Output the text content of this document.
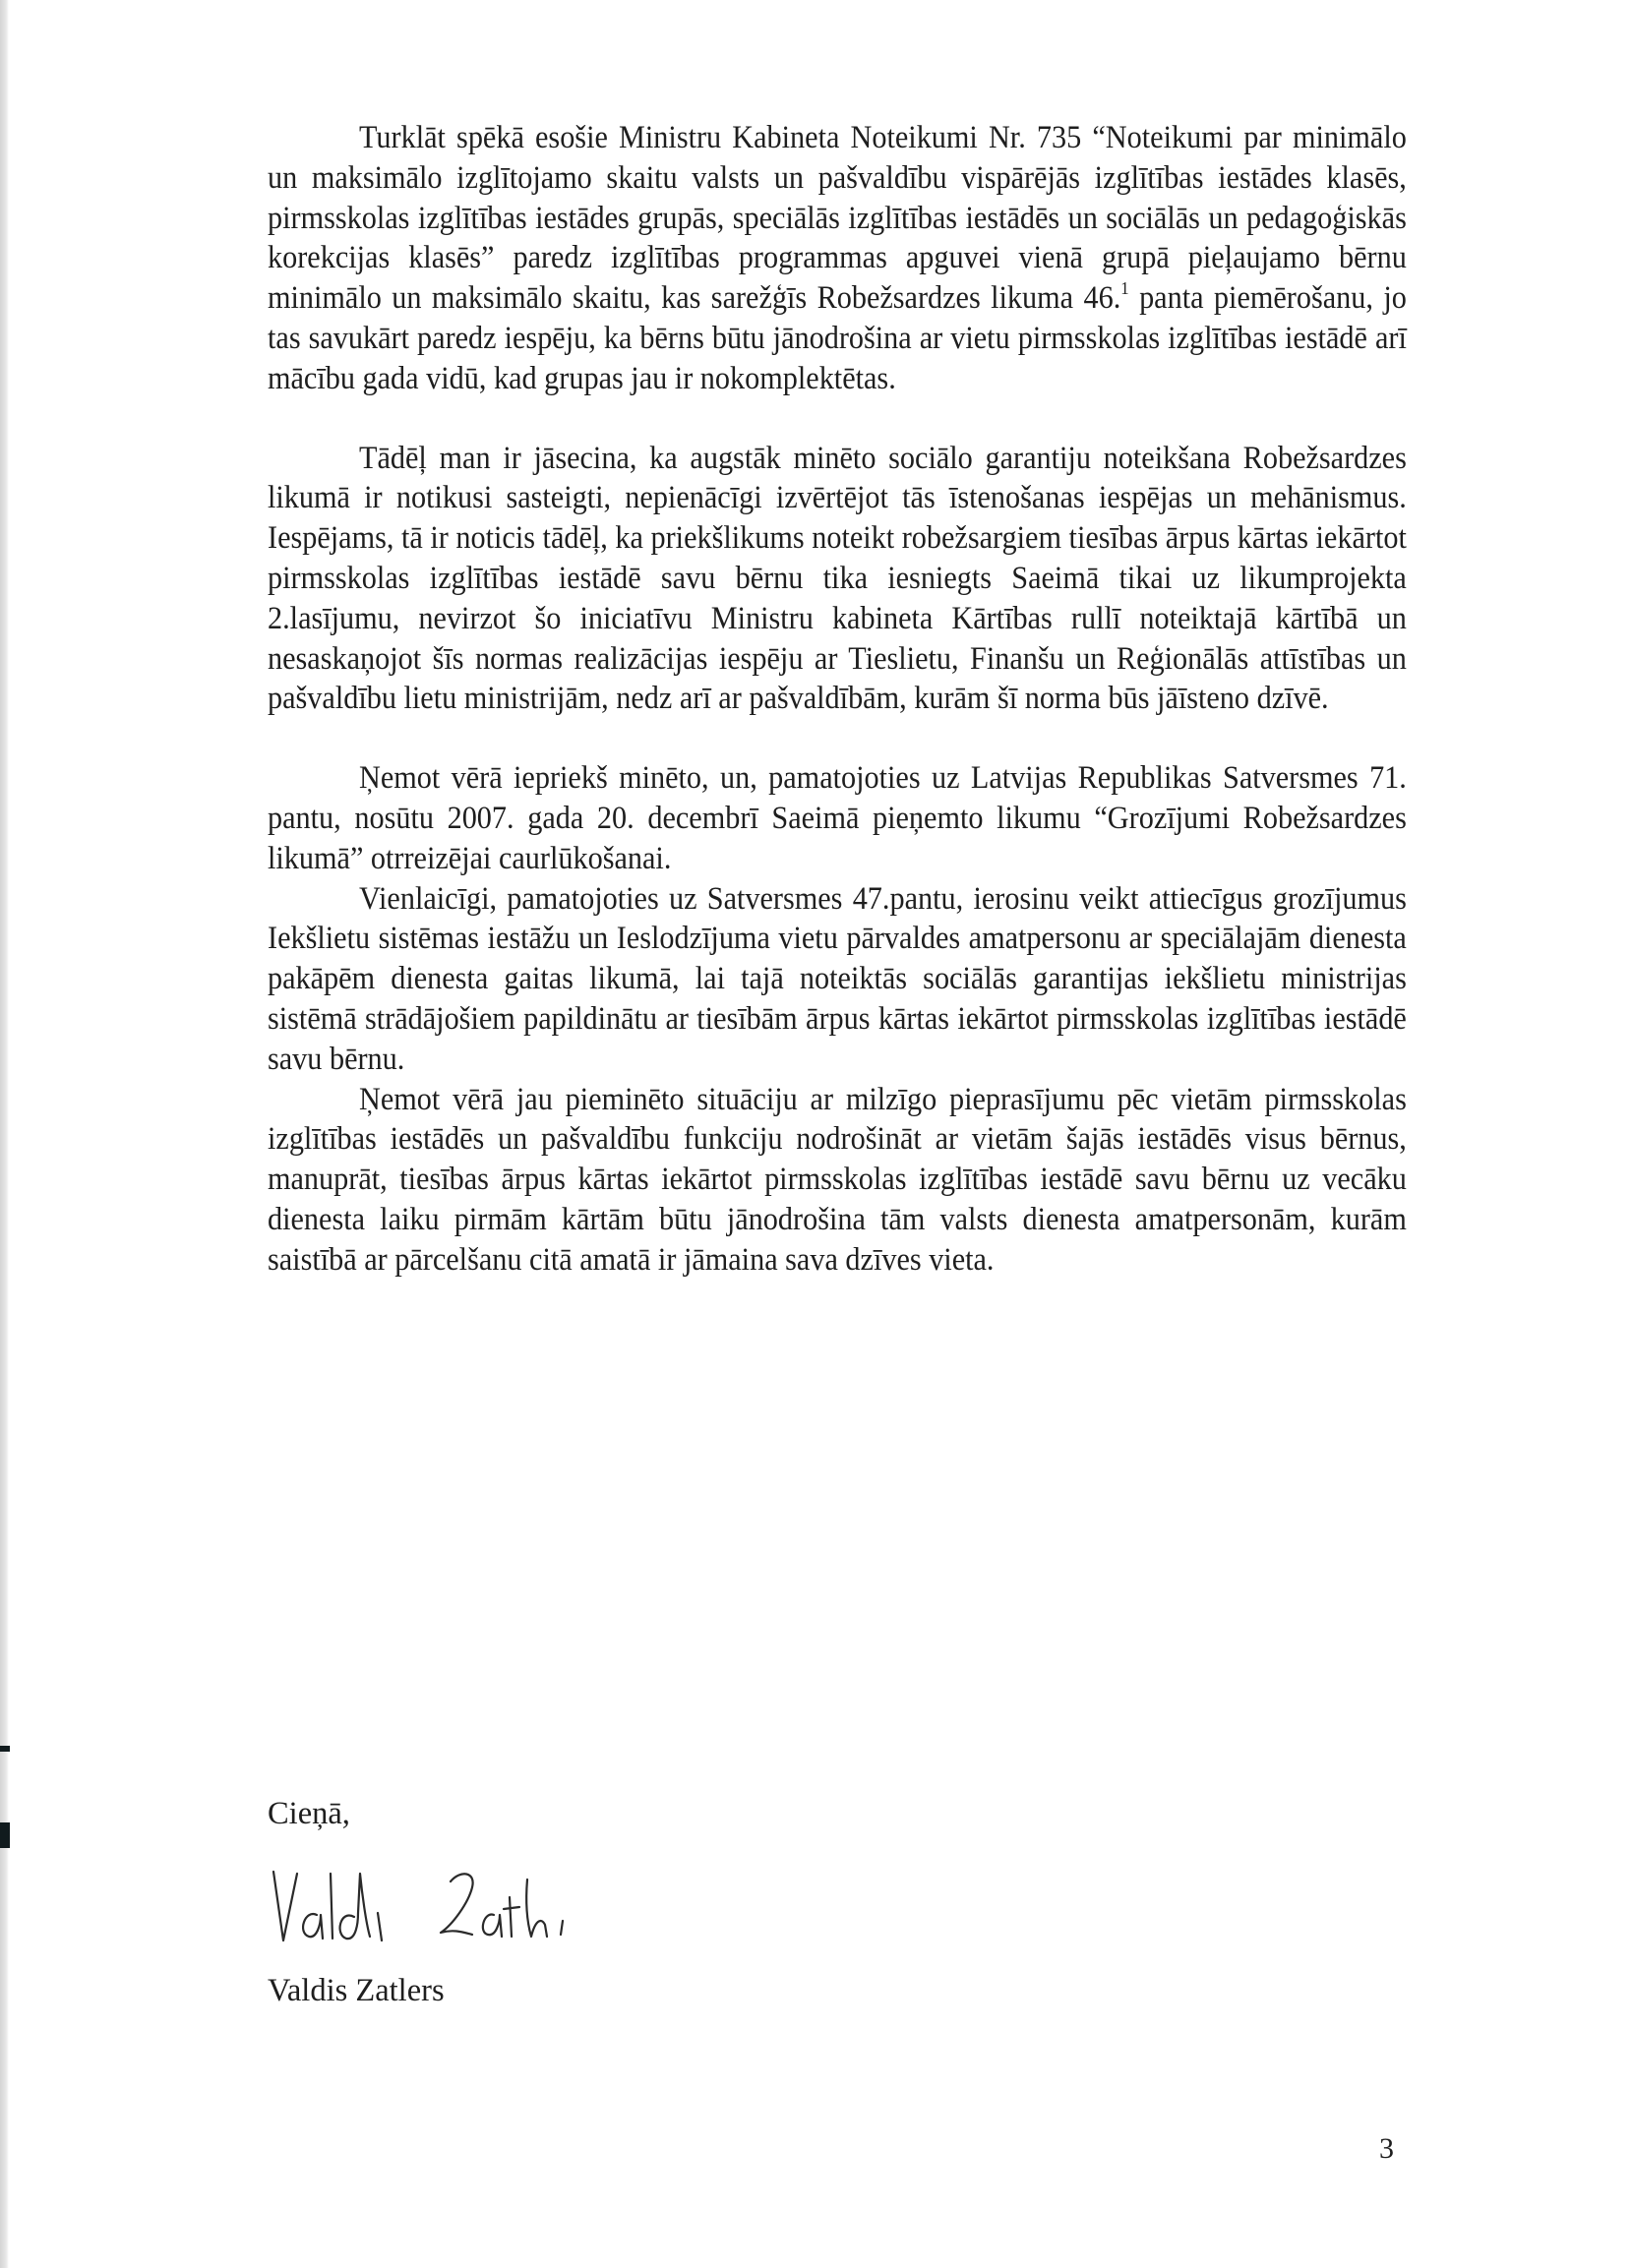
Turklāt spēkā esošie Ministru Kabineta Noteikumi Nr. 735 “Noteikumi par minimālo un maksimālo izglītojamo skaitu valsts un pašvaldību vispārējās izglītības iestādes klasēs, pirmsskolas izglītības iestādes grupās, speciālās izglītības iestādēs un sociālās un pedagoģiskās korekcijas klasēs” paredz izglītības programmas apguvei vienā grupā pieļaujamo bērnu minimālo un maksimālo skaitu, kas sarežģīs Robežsardzes likuma 46.$^1$ panta piemērošanu, jo tas savukārt paredz iespēju, ka bērns būtu jānodrošina ar vietu pirmsskolas izglītības iestādē arī mācību gada vidū, kad grupas jau ir nokomplektētas.

Tādēļ man ir jāsecina, ka augstāk minēto sociālo garantiju noteikšana Robežsardzes likumā ir notikusi sasteigti, nepienācīgi izvērtējot tās īstenošanas iespējas un mehānismus. Iespējams, tā ir noticis tādēļ, ka priekšlikums noteikt robežsargiem tiesības ārpus kārtas iekārtot pirmsskolas izglītības iestādē savu bērnu tika iesniegts Saeimā tikai uz likumprojekta 2.lasījumu, nevirzot šo iniciatīvu Ministru kabineta Kārtības rullī noteiktajā kārtībā un nesaskaņojot šīs normas realizācijas iespēju ar Tieslietu, Finanšu un Reģionālās attīstības un pašvaldību lietu ministrijām, nedz arī ar pašvaldībām, kurām šī norma būs jāīsteno dzīvē.

Ņemot vērā iepriekš minēto, un, pamatojoties uz Latvijas Republikas Satversmes 71. pantu, nosūtu 2007. gada 20. decembrī Saeimā pieņemto likumu “Grozījumi Robežsardzes likumā” otrreizējai caurlūkošanai.

Vienlaicīgi, pamatojoties uz Satversmes 47.pantu, ierosinu veikt attiecīgus grozījumus Iekšlietu sistēmas iestāžu un Ieslodzījuma vietu pārvaldes amatpersonu ar speciālajām dienesta pakāpēm dienesta gaitas likumā, lai tajā noteiktās sociālās garantijas iekšlietu ministrijas sistēmā strādājošiem papildinātu ar tiesībām ārpus kārtas iekārtot pirmsskolas izglītības iestādē savu bērnu.

Ņemot vērā jau pieminēto situāciju ar milzīgo pieprasījumu pēc vietām pirmsskolas izglītības iestādēs un pašvaldību funkciju nodrošināt ar vietām šajās iestādēs visus bērnus, manuprāt, tiesības ārpus kārtas iekārtot pirmsskolas izglītības iestādē savu bērnu uz vecāku dienesta laiku pirmām kārtām būtu jānodrošina tām valsts dienesta amatpersonām, kurām saistībā ar pārcelšanu citā amatā ir jāmaina sava dzīves vieta.

Cieņā,
Valdis Zatlers
3
